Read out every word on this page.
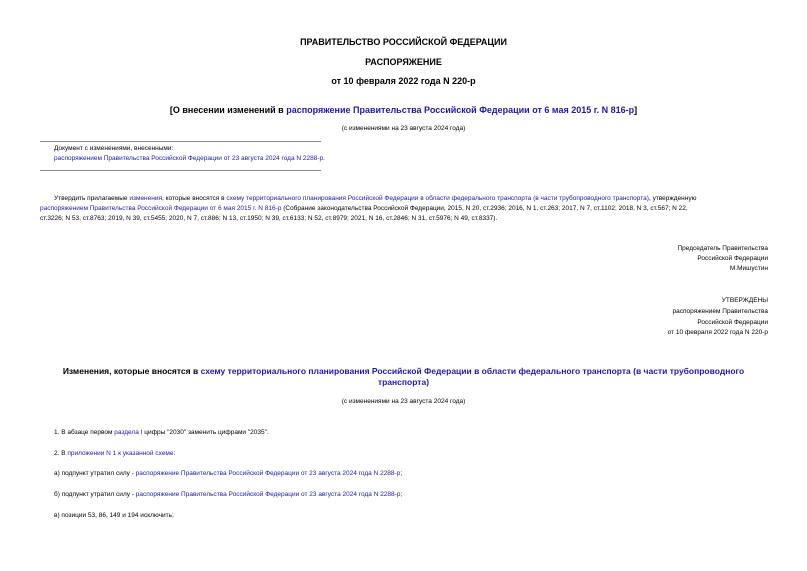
ПРАВИТЕЛЬСТВО РОССИЙСКОЙ ФЕДЕРАЦИИ
РАСПОРЯЖЕНИЕ
от 10 февраля 2022 года N 220-р
[О внесении изменений в распоряжение Правительства Российской Федерации от 6 мая 2015 г. N 816-р]
(с изменениями на 23 августа 2024 года)
Документ с изменениями, внесенными:
распоряжением Правительства Российской Федерации от 23 августа 2024 года N 2288-р.
Утвердить прилагаемые изменения, которые вносятся в схему территориального планирования Российской Федерации в области федерального транспорта (в части трубопроводного транспорта), утвержденную
распоряжением Правительства Российской Федерации от 6 мая 2015 г. N 816-р (Собрание законодательства Российской Федерации, 2015, N 20, ст.2936; 2016, N 1, ст.263; 2017, N 7, ст.1102; 2018, N 3, ст.567; N 22,
ст.3226; N 53, ст.8763; 2019, N 39, ст.5455; 2020, N 7, ст.886; N 13, ст.1950; N 39, ст.6133; N 52, ст.8979; 2021, N 16, ст.2846; N 31, ст.5976; N 49, ст.8337).
Председатель Правительства
Российской Федерации
М.Мишустин
УТВЕРЖДЕНЫ
распоряжением Правительства
Российской Федерации
от 10 февраля 2022 года N 220-р
Изменения, которые вносятся в схему территориального планирования Российской Федерации в области федерального транспорта (в части трубопроводного
транспорта)
(с изменениями на 23 августа 2024 года)
1. В абзаце первом раздела I цифры "2030" заменить цифрами "2035".
2. В приложении N 1 к указанной схеме:
а) подпункт утратил силу - распоряжение Правительства Российской Федерации от 23 августа 2024 года N 2288-р;
б) подпункт утратил силу - распоряжение Правительства Российской Федерации от 23 августа 2024 года N 2288-р;
в) позиции 53, 86, 149 и 194 исключить;
